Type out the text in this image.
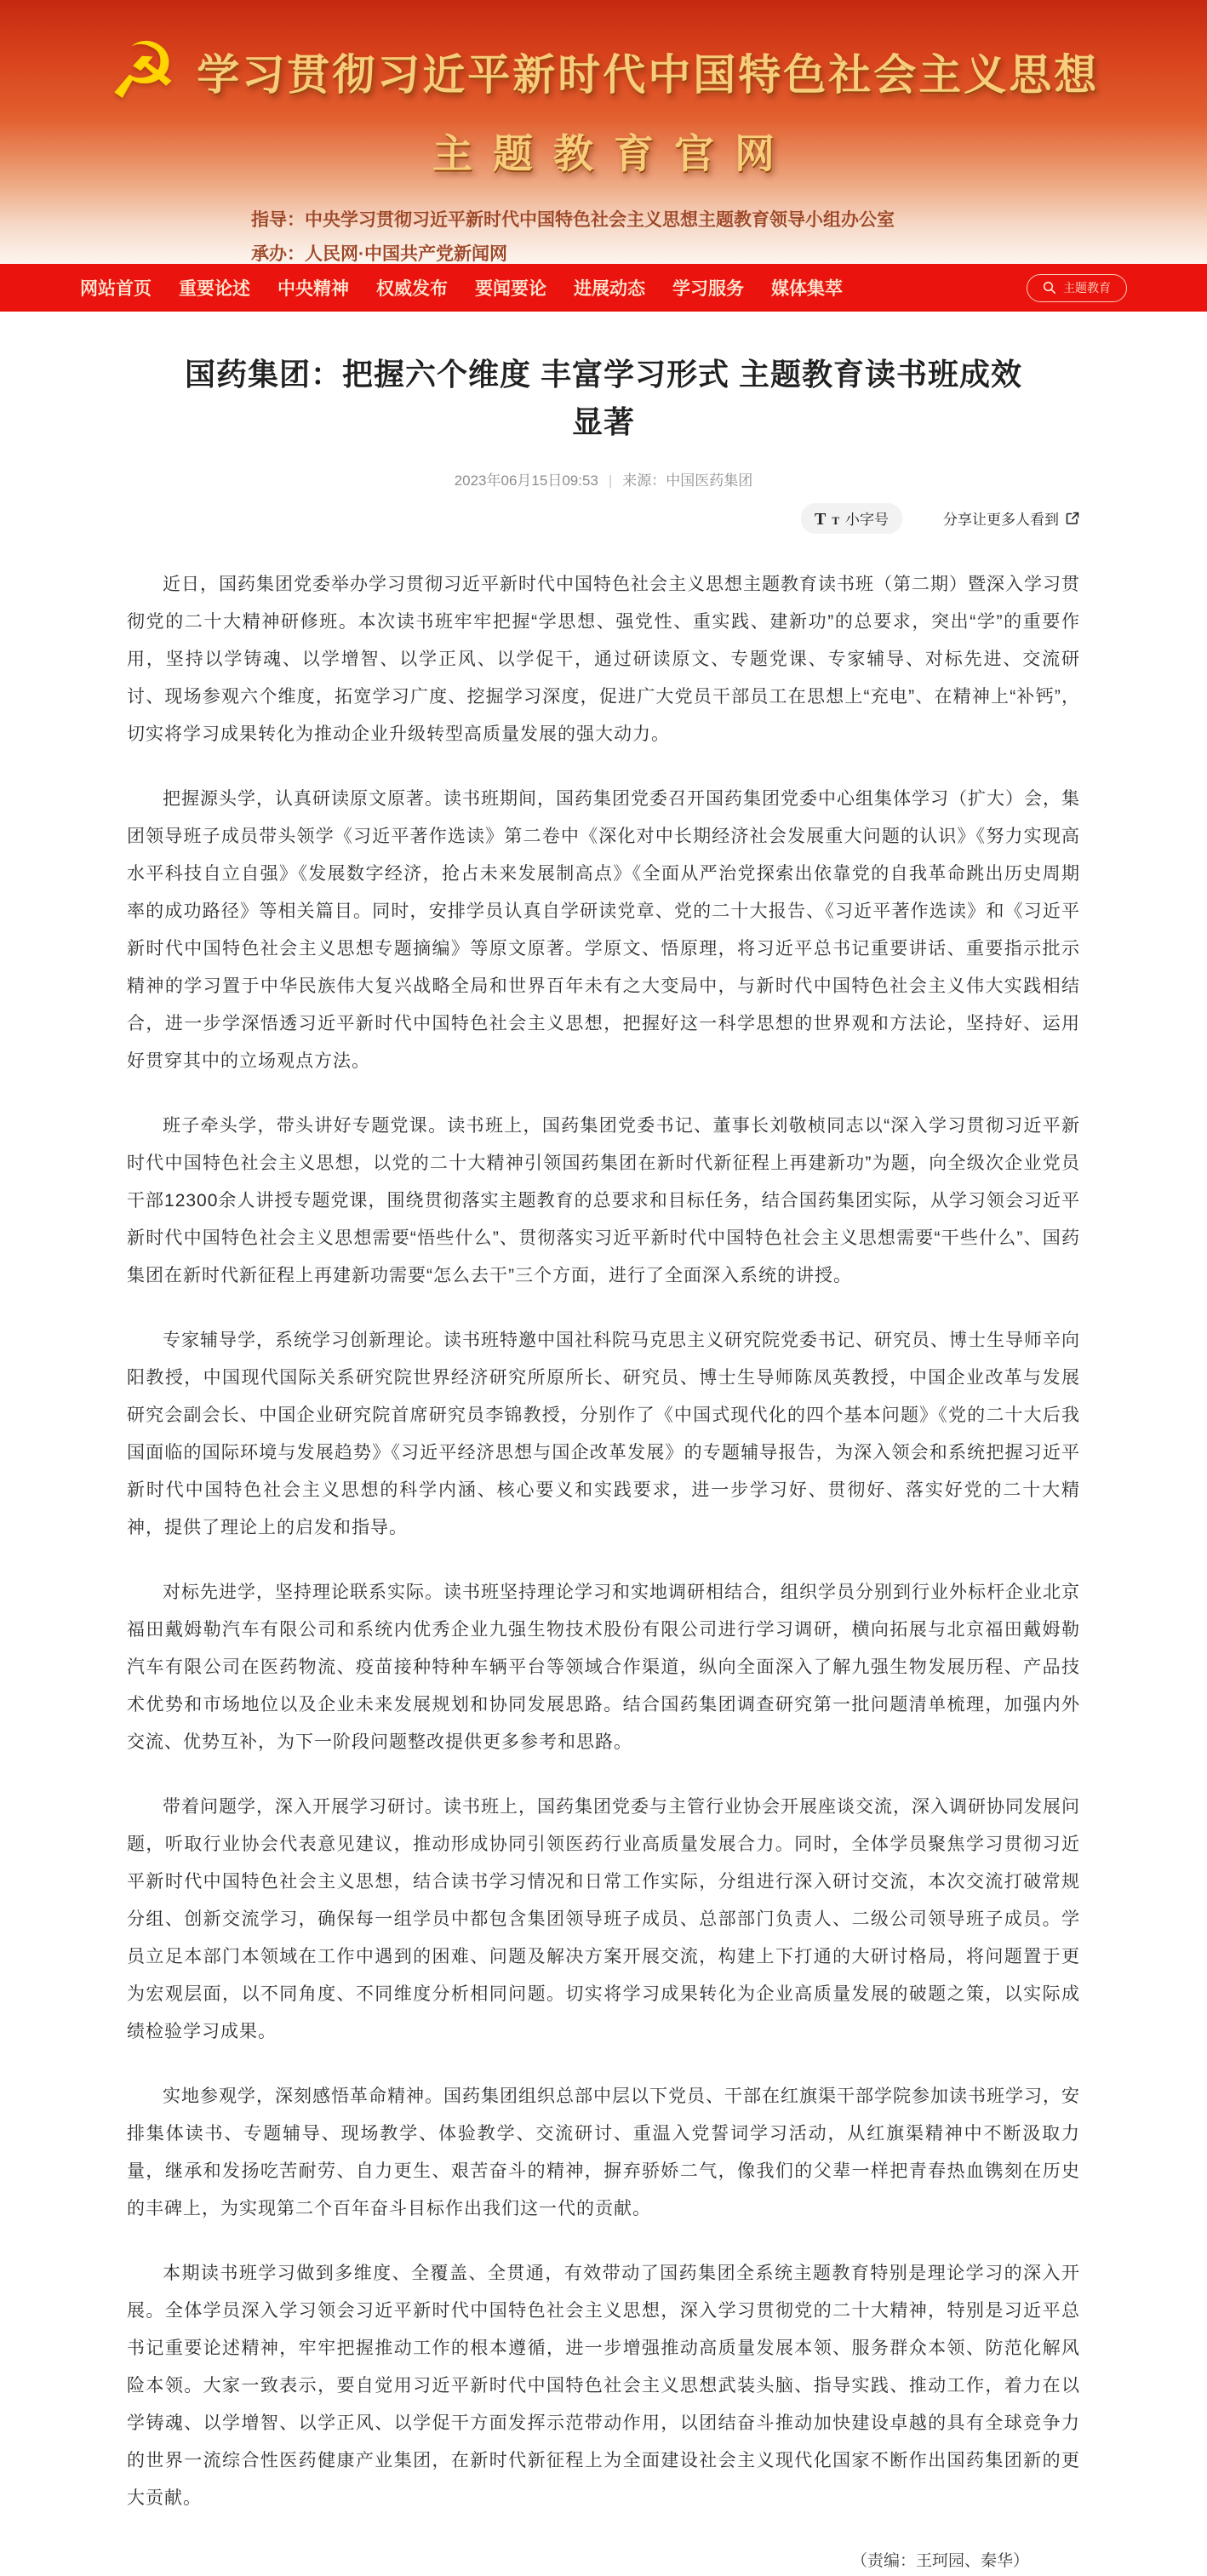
☭ 学习贯彻习近平新时代中国特色社会主义思想
主题教育官网
指导：中央学习贯彻习近平新时代中国特色社会主义思想主题教育领导小组办公室
承办：人民网·中国共产党新闻网
网站首页 重要论述 中央精神 权威发布 要闻要论 进展动态 学习服务 媒体集萃	主题教育
国药集团：把握六个维度 丰富学习形式 主题教育读书班成效显著
2023年06月15日09:53 | 来源：中国医药集团
T T 小字号	分享让更多人看到

近日，国药集团党委举办学习贯彻习近平新时代中国特色社会主义思想主题教育读书班（第二期）暨深入学习贯彻党的二十大精神研修班。本次读书班牢牢把握“学思想、强党性、重实践、建新功”的总要求，突出“学”的重要作用，坚持以学铸魂、以学增智、以学正风、以学促干，通过研读原文、专题党课、专家辅导、对标先进、交流研讨、现场参观六个维度，拓宽学习广度、挖掘学习深度，促进广大党员干部员工在思想上“充电”、在精神上“补钙”，切实将学习成果转化为推动企业升级转型高质量发展的强大动力。

把握源头学，认真研读原文原著。读书班期间，国药集团党委召开国药集团党委中心组集体学习（扩大）会，集团领导班子成员带头领学《习近平著作选读》第二卷中《深化对中长期经济社会发展重大问题的认识》《努力实现高水平科技自立自强》《发展数字经济，抢占未来发展制高点》《全面从严治党探索出依靠党的自我革命跳出历史周期率的成功路径》等相关篇目。同时，安排学员认真自学研读党章、党的二十大报告、《习近平著作选读》和《习近平新时代中国特色社会主义思想专题摘编》等原文原著。学原文、悟原理，将习近平总书记重要讲话、重要指示批示精神的学习置于中华民族伟大复兴战略全局和世界百年未有之大变局中，与新时代中国特色社会主义伟大实践相结合，进一步学深悟透习近平新时代中国特色社会主义思想，把握好这一科学思想的世界观和方法论，坚持好、运用好贯穿其中的立场观点方法。

班子牵头学，带头讲好专题党课。读书班上，国药集团党委书记、董事长刘敬桢同志以“深入学习贯彻习近平新时代中国特色社会主义思想，以党的二十大精神引领国药集团在新时代新征程上再建新功”为题，向全级次企业党员干部12300余人讲授专题党课，围绕贯彻落实主题教育的总要求和目标任务，结合国药集团实际，从学习领会习近平新时代中国特色社会主义思想需要“悟些什么”、贯彻落实习近平新时代中国特色社会主义思想需要“干些什么”、国药集团在新时代新征程上再建新功需要“怎么去干”三个方面，进行了全面深入系统的讲授。

专家辅导学，系统学习创新理论。读书班特邀中国社科院马克思主义研究院党委书记、研究员、博士生导师辛向阳教授，中国现代国际关系研究院世界经济研究所原所长、研究员、博士生导师陈凤英教授，中国企业改革与发展研究会副会长、中国企业研究院首席研究员李锦教授，分别作了《中国式现代化的四个基本问题》《党的二十大后我国面临的国际环境与发展趋势》《习近平经济思想与国企改革发展》的专题辅导报告，为深入领会和系统把握习近平新时代中国特色社会主义思想的科学内涵、核心要义和实践要求，进一步学习好、贯彻好、落实好党的二十大精神，提供了理论上的启发和指导。

对标先进学，坚持理论联系实际。读书班坚持理论学习和实地调研相结合，组织学员分别到行业外标杆企业北京福田戴姆勒汽车有限公司和系统内优秀企业九强生物技术股份有限公司进行学习调研，横向拓展与北京福田戴姆勒汽车有限公司在医药物流、疫苗接种特种车辆平台等领域合作渠道，纵向全面深入了解九强生物发展历程、产品技术优势和市场地位以及企业未来发展规划和协同发展思路。结合国药集团调查研究第一批问题清单梳理，加强内外交流、优势互补，为下一阶段问题整改提供更多参考和思路。

带着问题学，深入开展学习研讨。读书班上，国药集团党委与主管行业协会开展座谈交流，深入调研协同发展问题，听取行业协会代表意见建议，推动形成协同引领医药行业高质量发展合力。同时，全体学员聚焦学习贯彻习近平新时代中国特色社会主义思想，结合读书学习情况和日常工作实际，分组进行深入研讨交流，本次交流打破常规分组、创新交流学习，确保每一组学员中都包含集团领导班子成员、总部部门负责人、二级公司领导班子成员。学员立足本部门本领域在工作中遇到的困难、问题及解决方案开展交流，构建上下打通的大研讨格局，将问题置于更为宏观层面，以不同角度、不同维度分析相同问题。切实将学习成果转化为企业高质量发展的破题之策，以实际成绩检验学习成果。

实地参观学，深刻感悟革命精神。国药集团组织总部中层以下党员、干部在红旗渠干部学院参加读书班学习，安排集体读书、专题辅导、现场教学、体验教学、交流研讨、重温入党誓词学习活动，从红旗渠精神中不断汲取力量，继承和发扬吃苦耐劳、自力更生、艰苦奋斗的精神，摒弃骄娇二气，像我们的父辈一样把青春热血镌刻在历史的丰碑上，为实现第二个百年奋斗目标作出我们这一代的贡献。

本期读书班学习做到多维度、全覆盖、全贯通，有效带动了国药集团全系统主题教育特别是理论学习的深入开展。全体学员深入学习领会习近平新时代中国特色社会主义思想，深入学习贯彻党的二十大精神，特别是习近平总书记重要论述精神，牢牢把握推动工作的根本遵循，进一步增强推动高质量发展本领、服务群众本领、防范化解风险本领。大家一致表示，要自觉用习近平新时代中国特色社会主义思想武装头脑、指导实践、推动工作，着力在以学铸魂、以学增智、以学正风、以学促干方面发挥示范带动作用，以团结奋斗推动加快建设卓越的具有全球竞争力的世界一流综合性医药健康产业集团，在新时代新征程上为全面建设社会主义现代化国家不断作出国药集团新的更大贡献。

（责编：王珂园、秦华）
